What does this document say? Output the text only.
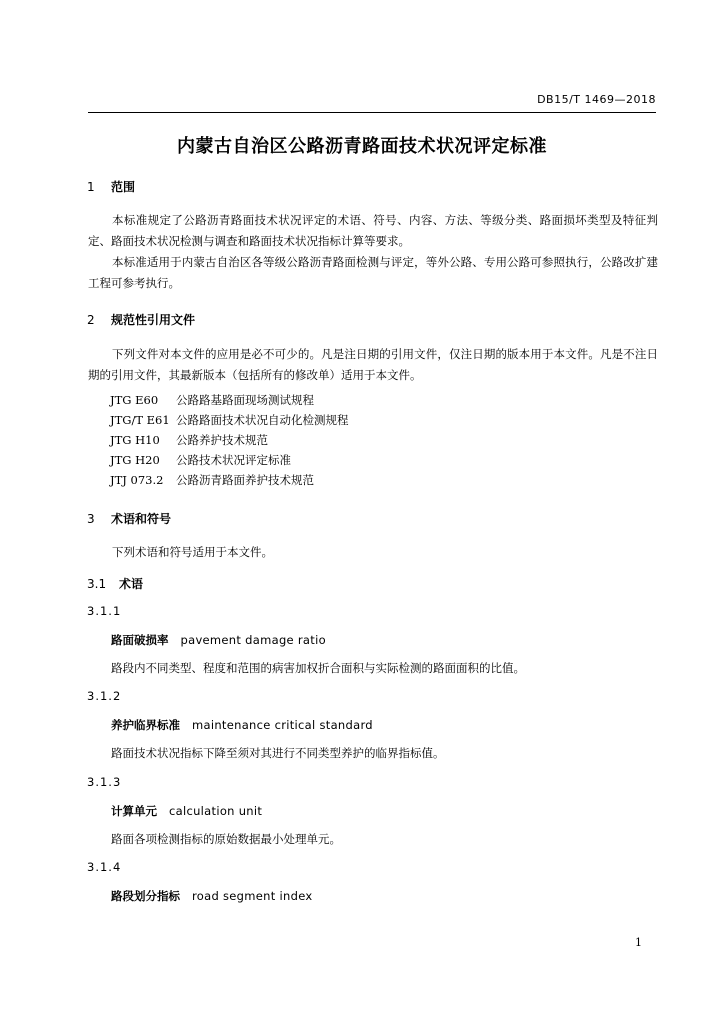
DB15/T 1469—2018
内蒙古自治区公路沥青路面技术状况评定标准
1 范围
本标准规定了公路沥青路面技术状况评定的术语、符号、内容、方法、等级分类、路面损坏类型及特征判定、路面技术状况检测与调查和路面技术状况指标计算等要求。
本标准适用于内蒙古自治区各等级公路沥青路面检测与评定，等外公路、专用公路可参照执行，公路改扩建工程可参考执行。
2 规范性引用文件
下列文件对本文件的应用是必不可少的。凡是注日期的引用文件，仅注日期的版本用于本文件。凡是不注日期的引用文件，其最新版本（包括所有的修改单）适用于本文件。
JTG E60 公路路基路面现场测试规程
JTG/T E61 公路路面技术状况自动化检测规程
JTG H10 公路养护技术规范
JTG H20 公路技术状况评定标准
JTJ 073.2 公路沥青路面养护技术规范
3 术语和符号
下列术语和符号适用于本文件。
3.1 术语
3.1.1
路面破损率 pavement damage ratio
路段内不同类型、程度和范围的病害加权折合面积与实际检测的路面面积的比值。
3.1.2
养护临界标准 maintenance critical standard
路面技术状况指标下降至须对其进行不同类型养护的临界指标值。
3.1.3
计算单元 calculation unit
路面各项检测指标的原始数据最小处理单元。
3.1.4
路段划分指标 road segment index
1
